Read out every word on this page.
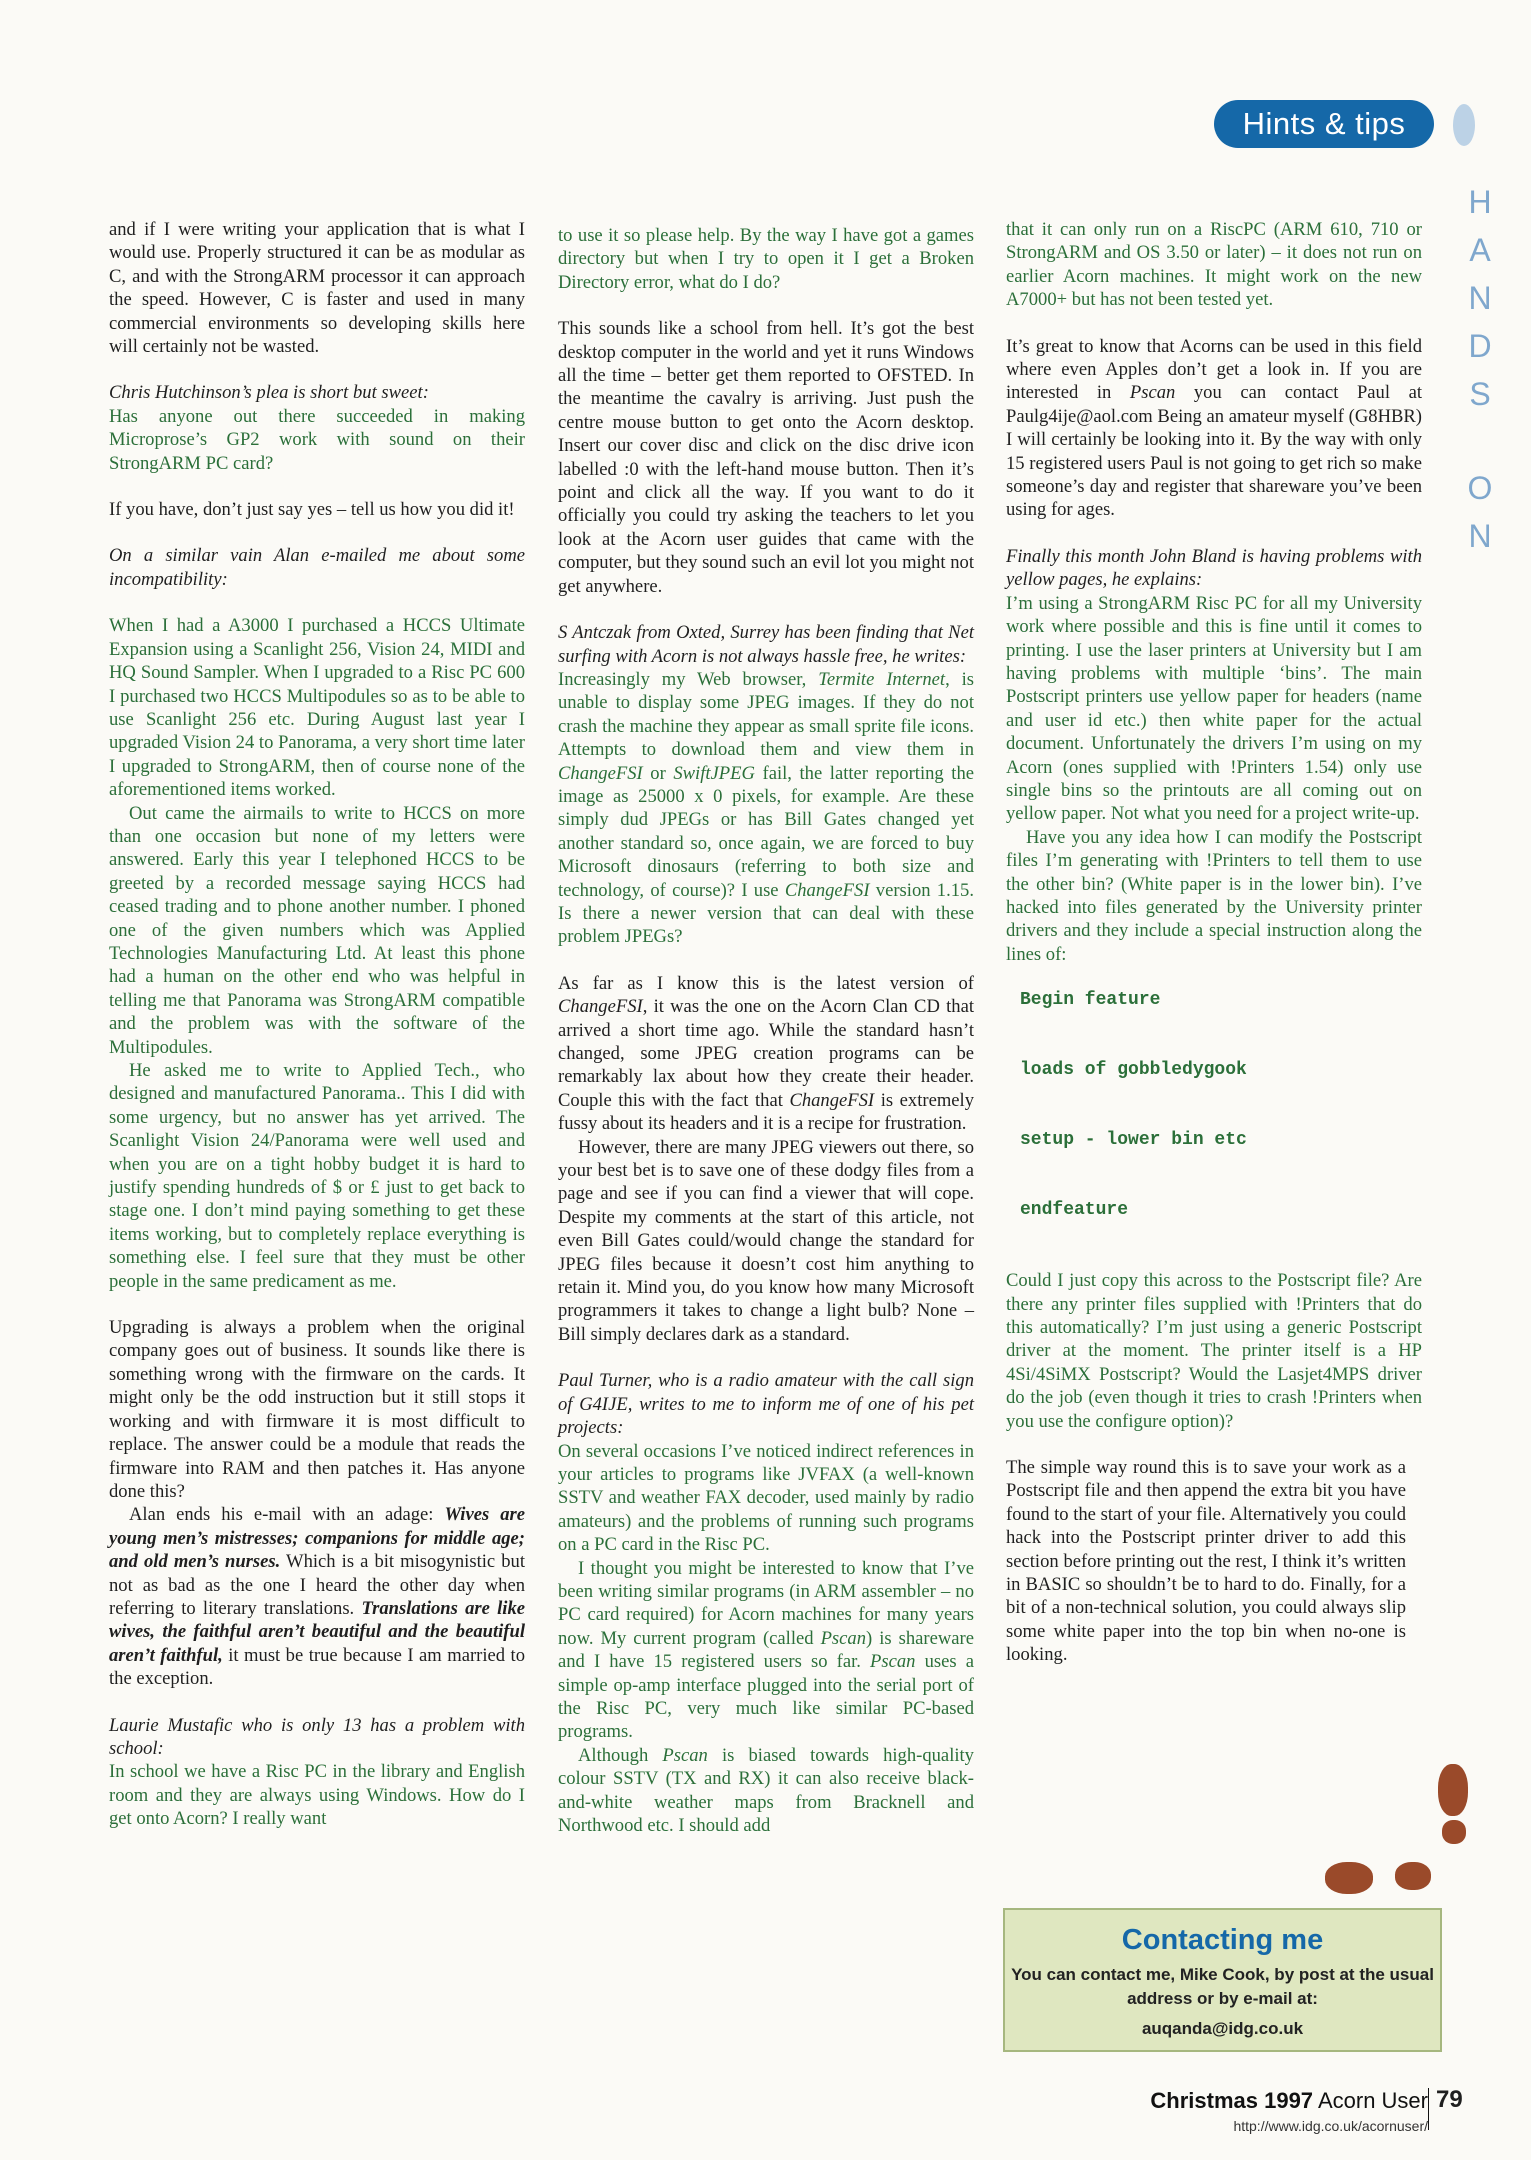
Hints & tips
H
A
N
D
S
O
N

and if I were writing your application that is what I would use. Properly structured it can be as modular as C, and with the StrongARM processor it can approach the speed. However, C is faster and used in many commercial environments so developing skills here will certainly not be wasted.

Chris Hutchinson’s plea is short but sweet:

Has anyone out there succeeded in making Microprose’s GP2 work with sound on their StrongARM PC card?

If you have, don’t just say yes – tell us how you did it!

On a similar vain Alan e-mailed me about some incompatibility:

When I had a A3000 I purchased a HCCS Ultimate Expansion using a Scanlight 256, Vision 24, MIDI and HQ Sound Sampler. When I upgraded to a Risc PC 600 I purchased two HCCS Multipodules so as to be able to use Scanlight 256 etc. During August last year I upgraded Vision 24 to Panorama, a very short time later I upgraded to StrongARM, then of course none of the aforementioned items worked.

Out came the airmails to write to HCCS on more than one occasion but none of my letters were answered. Early this year I telephoned HCCS to be greeted by a recorded message saying HCCS had ceased trading and to phone another number. I phoned one of the given numbers which was Applied Technologies Manufacturing Ltd. At least this phone had a human on the other end who was helpful in telling me that Panorama was StrongARM compatible and the problem was with the software of the Multipodules.

He asked me to write to Applied Tech., who designed and manufactured Panorama.. This I did with some urgency, but no answer has yet arrived. The Scanlight Vision 24/Panorama were well used and when you are on a tight hobby budget it is hard to justify spending hundreds of $ or £ just to get back to stage one. I don’t mind paying something to get these items working, but to completely replace everything is something else. I feel sure that they must be other people in the same predicament as me.

Upgrading is always a problem when the original company goes out of business. It sounds like there is something wrong with the firmware on the cards. It might only be the odd instruction but it still stops it working and with firmware it is most difficult to replace. The answer could be a module that reads the firmware into RAM and then patches it. Has anyone done this?

Alan ends his e-mail with an adage: Wives are young men’s mistresses; companions for middle age; and old men’s nurses. Which is a bit misogynistic but not as bad as the one I heard the other day when referring to literary translations. Translations are like wives, the faithful aren’t beautiful and the beautiful aren’t faithful, it must be true because I am married to the exception.

Laurie Mustafic who is only 13 has a problem with school:

In school we have a Risc PC in the library and English room and they are always using Windows. How do I get onto Acorn? I really want

to use it so please help. By the way I have got a games directory but when I try to open it I get a Broken Directory error, what do I do?

This sounds like a school from hell. It’s got the best desktop computer in the world and yet it runs Windows all the time – better get them reported to OFSTED. In the meantime the cavalry is arriving. Just push the centre mouse button to get onto the Acorn desktop. Insert our cover disc and click on the disc drive icon labelled :0 with the left-hand mouse button. Then it’s point and click all the way. If you want to do it officially you could try asking the teachers to let you look at the Acorn user guides that came with the computer, but they sound such an evil lot you might not get anywhere.

S Antczak from Oxted, Surrey has been finding that Net surfing with Acorn is not always hassle free, he writes:

Increasingly my Web browser, Termite Internet, is unable to display some JPEG images. If they do not crash the machine they appear as small sprite file icons. Attempts to download them and view them in ChangeFSI or SwiftJPEG fail, the latter reporting the image as 25000 x 0 pixels, for example. Are these simply dud JPEGs or has Bill Gates changed yet another standard so, once again, we are forced to buy Microsoft dinosaurs (referring to both size and technology, of course)? I use ChangeFSI version 1.15. Is there a newer version that can deal with these problem JPEGs?

As far as I know this is the latest version of ChangeFSI, it was the one on the Acorn Clan CD that arrived a short time ago. While the standard hasn’t changed, some JPEG creation programs can be remarkably lax about how they create their header. Couple this with the fact that ChangeFSI is extremely fussy about its headers and it is a recipe for frustration.

However, there are many JPEG viewers out there, so your best bet is to save one of these dodgy files from a page and see if you can find a viewer that will cope. Despite my comments at the start of this article, not even Bill Gates could/would change the standard for JPEG files because it doesn’t cost him anything to retain it. Mind you, do you know how many Microsoft programmers it takes to change a light bulb? None – Bill simply declares dark as a standard.

Paul Turner, who is a radio amateur with the call sign of G4IJE, writes to me to inform me of one of his pet projects:

On several occasions I’ve noticed indirect references in your articles to programs like JVFAX (a well-known SSTV and weather FAX decoder, used mainly by radio amateurs) and the problems of running such programs on a PC card in the Risc PC.

I thought you might be interested to know that I’ve been writing similar programs (in ARM assembler – no PC card required) for Acorn machines for many years now. My current program (called Pscan) is shareware and I have 15 registered users so far. Pscan uses a simple op-amp interface plugged into the serial port of the Risc PC, very much like similar PC-based programs.

Although Pscan is biased towards high-quality colour SSTV (TX and RX) it can also receive black-and-white weather maps from Bracknell and Northwood etc. I should add

that it can only run on a RiscPC (ARM 610, 710 or StrongARM and OS 3.50 or later) – it does not run on earlier Acorn machines. It might work on the new A7000+ but has not been tested yet.

It’s great to know that Acorns can be used in this field where even Apples don’t get a look in. If you are interested in Pscan you can contact Paul at Paulg4ije@aol.com Being an amateur myself (G8HBR) I will certainly be looking into it. By the way with only 15 registered users Paul is not going to get rich so make someone’s day and register that shareware you’ve been using for ages.

Finally this month John Bland is having problems with yellow pages, he explains:

I’m using a StrongARM Risc PC for all my University work where possible and this is fine until it comes to printing. I use the laser printers at University but I am having problems with multiple ‘bins’. The main Postscript printers use yellow paper for headers (name and user id etc.) then white paper for the actual document. Unfortunately the drivers I’m using on my Acorn (ones supplied with !Printers 1.54) only use single bins so the printouts are all coming out on yellow paper. Not what you need for a project write-up.

Have you any idea how I can modify the Postscript files I’m generating with !Printers to tell them to use the other bin? (White paper is in the lower bin). I’ve hacked into files generated by the University printer drivers and they include a special instruction along the lines of:

Begin feature

loads of gobbledygook

setup - lower bin etc

endfeature

Could I just copy this across to the Postscript file? Are there any printer files supplied with !Printers that do this automatically? I’m just using a generic Postscript driver at the moment. The printer itself is a HP 4Si/4SiMX Postscript? Would the Lasjet4MPS driver do the job (even though it tries to crash !Printers when you use the configure option)?

The simple way round this is to save your work as a Postscript file and then append the extra bit you have found to the start of your file. Alternatively you could hack into the Postscript printer driver to add this section before printing out the rest, I think it’s written in BASIC so shouldn’t be to hard to do. Finally, for a bit of a non-technical solution, you could always slip some white paper into the top bin when no-one is looking.

Contacting me
You can contact me, Mike Cook, by post at the usual address or by e-mail at:
auqanda@idg.co.uk
Christmas 1997 Acorn User
http://www.idg.co.uk/acornuser/
79
